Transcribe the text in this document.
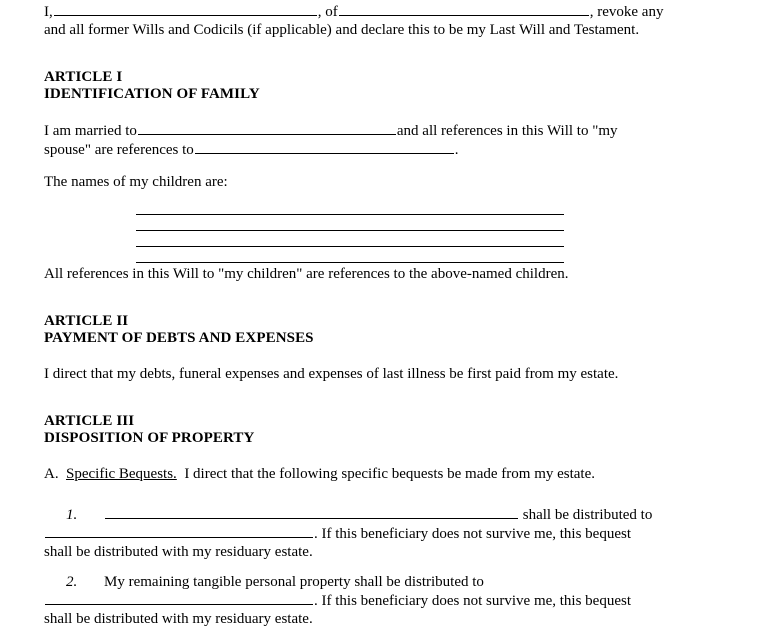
I,	, of	, revoke any

and all former Wills and Codicils (if applicable) and declare this to be my Last Will and Testament.

ARTICLE I
IDENTIFICATION OF FAMILY

I am married to	and all references in this Will to "my

spouse" are references to	.

The names of my children are:

All references in this Will to "my children" are references to the above-named children.

ARTICLE II
PAYMENT OF DEBTS AND EXPENSES

I direct that my debts, funeral expenses and expenses of last illness be first paid from my estate.

ARTICLE III
DISPOSITION OF PROPERTY

A. Specific Bequests. I direct that the following specific bequests be made from my estate.

1.	shall be distributed to

. If this beneficiary does not survive me, this bequest

shall be distributed with my residuary estate.

2. My remaining tangible personal property shall be distributed to

. If this beneficiary does not survive me, this bequest

shall be distributed with my residuary estate.
